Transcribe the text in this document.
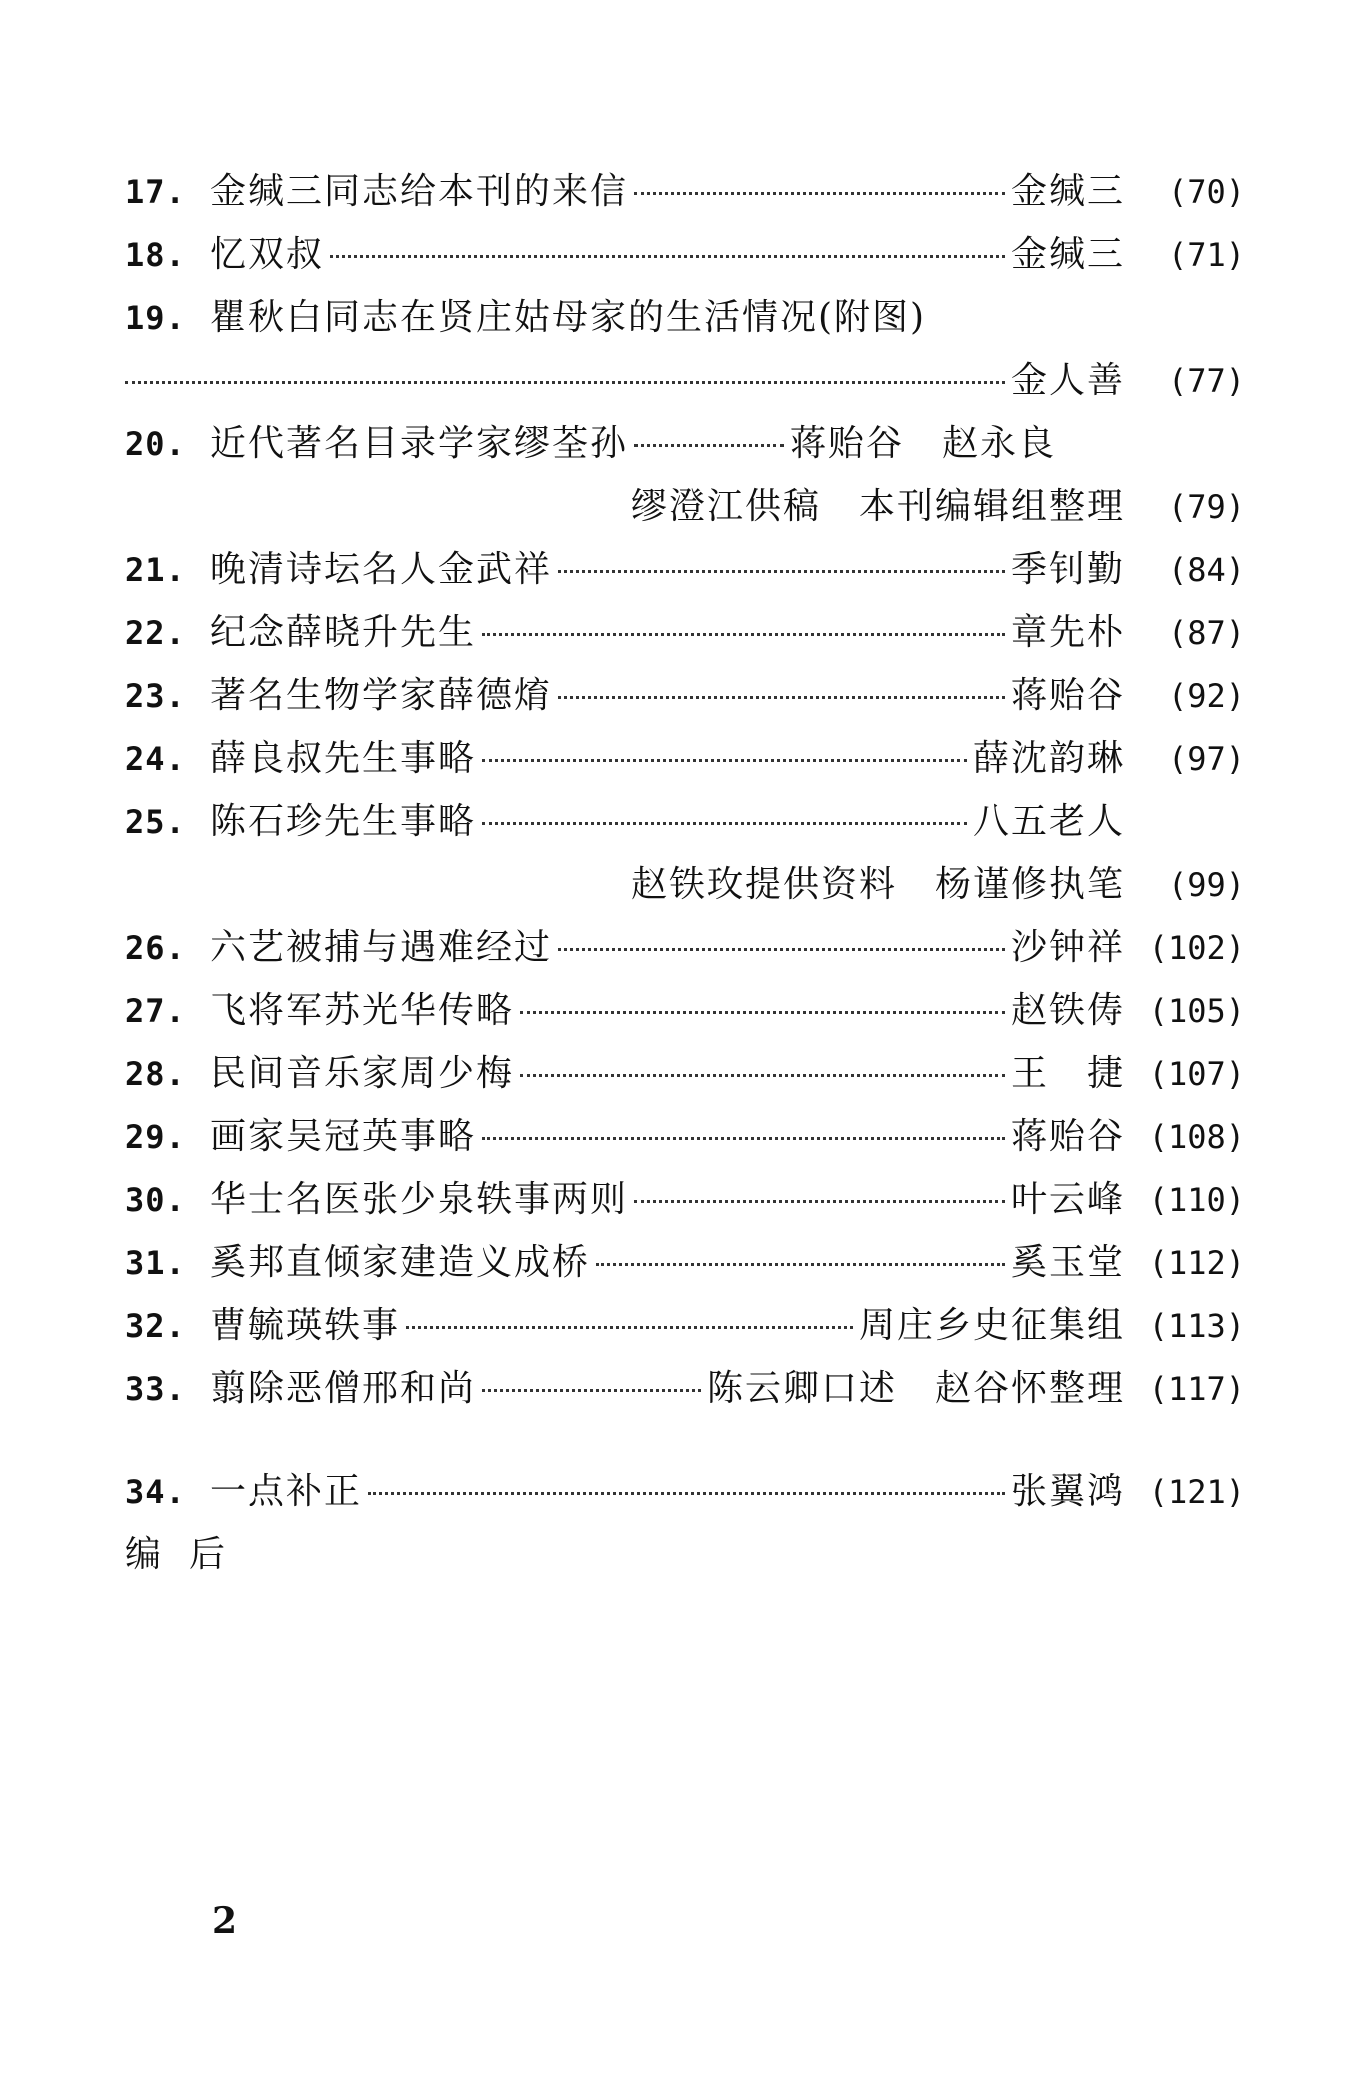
17. 金缄三同志给本刊的来信	金缄三	(70)
18. 忆双叔	金缄三	(71)
19. 瞿秋白同志在贤庄姑母家的生活情况(附图)
金人善	(77)
20. 近代著名目录学家缪荃孙	蒋贻谷　赵永良
缪澄江供稿　本刊编辑组整理	(79)
21. 晚清诗坛名人金武祥	季钊勤	(84)
22. 纪念薛晓升先生	章先朴	(87)
23. 著名生物学家薛德焴	蒋贻谷	(92)
24. 薛良叔先生事略	薛沈韵琳	(97)
25. 陈石珍先生事略	八五老人
赵铁玫提供资料　杨谨修执笔	(99)
26. 六艺被捕与遇难经过	沙钟祥 (102)
27. 飞将军苏光华传略	赵铁俦 (105)
28. 民间音乐家周少梅	王　捷 (107)
29. 画家吴冠英事略	蒋贻谷 (108)
30. 华士名医张少泉轶事两则	叶云峰 (110)
31. 奚邦直倾家建造义成桥	奚玉堂 (112)
32. 曹毓瑛轶事	周庄乡史征集组 (113)
33. 翦除恶僧邢和尚	陈云卿口述　赵谷怀整理 (117)
34. 一点补正	张翼鸿 (121)
编后
2
